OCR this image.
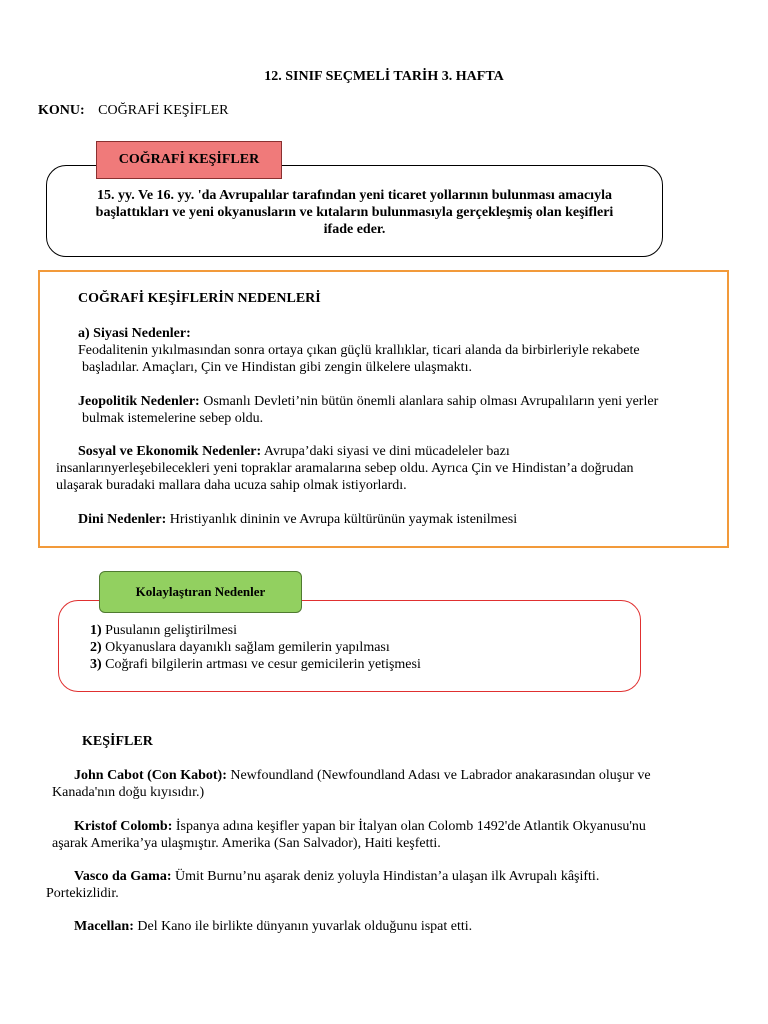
12. SINIF SEÇMELİ TARİH 3. HAFTA
KONU: COĞRAFİ KEŞİFLER
COĞRAFİ KEŞİFLER
15. yy. Ve 16. yy. 'da Avrupalılar tarafından yeni ticaret yollarının bulunması amacıyla
başlattıkları ve yeni okyanusların ve kıtaların bulunmasıyla gerçekleşmiş olan keşifleri
ifade eder.
COĞRAFİ KEŞİFLERİN NEDENLERİ
a) Siyasi Nedenler:
Feodalitenin yıkılmasından sonra ortaya çıkan güçlü krallıklar, ticari alanda da birbirleriyle rekabete
başladılar. Amaçları, Çin ve Hindistan gibi zengin ülkelere ulaşmaktı.
Jeopolitik Nedenler: Osmanlı Devleti’nin bütün önemli alanlara sahip olması Avrupalıların yeni yerler
bulmak istemelerine sebep oldu.
Sosyal ve Ekonomik Nedenler: Avrupa’daki siyasi ve dini mücadeleler bazı
insanlarınyerleşebilecekleri yeni topraklar aramalarına sebep oldu. Ayrıca Çin ve Hindistan’a doğrudan
ulaşarak buradaki mallara daha ucuza sahip olmak istiyorlardı.
Dini Nedenler: Hristiyanlık dininin ve Avrupa kültürünün yaymak istenilmesi
Kolaylaştıran Nedenler
1) Pusulanın geliştirilmesi
2) Okyanuslara dayanıklı sağlam gemilerin yapılması
3) Coğrafi bilgilerin artması ve cesur gemicilerin yetişmesi
KEŞİFLER
John Cabot (Con Kabot): Newfoundland (Newfoundland Adası ve Labrador anakarasından oluşur ve
Kanada'nın doğu kıyısıdır.)
Kristof Colomb: İspanya adına keşifler yapan bir İtalyan olan Colomb 1492'de Atlantik Okyanusu'nu
aşarak Amerika’ya ulaşmıştır. Amerika (San Salvador), Haiti keşfetti.
Vasco da Gama: Ümit Burnu’nu aşarak deniz yoluyla Hindistan’a ulaşan ilk Avrupalı kâşifti.
Portekizlidir.
Macellan: Del Kano ile birlikte dünyanın yuvarlak olduğunu ispat etti.
